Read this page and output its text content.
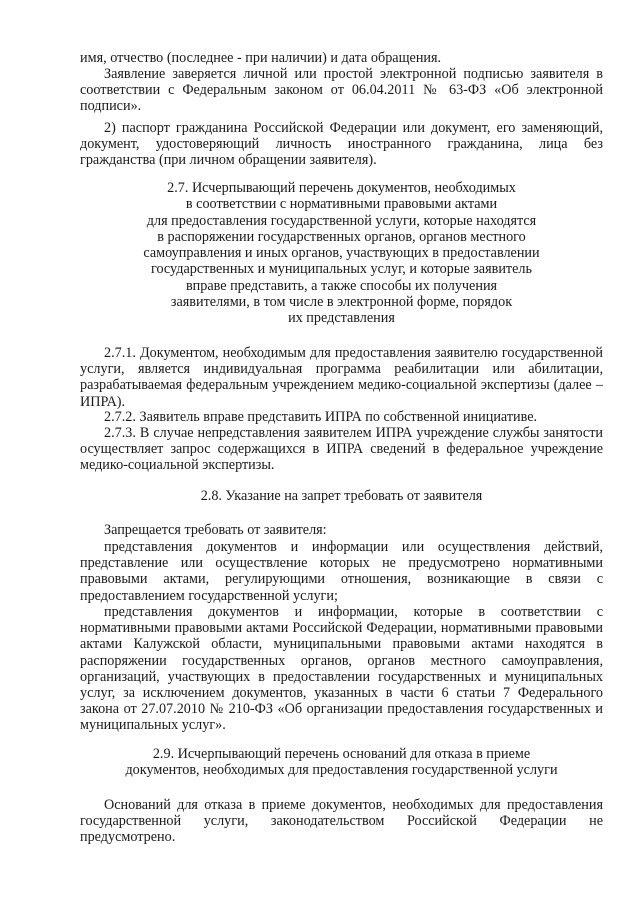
имя, отчество (последнее - при наличии) и дата обращения.

Заявление заверяется личной или простой электронной подписью заявителя в соответствии с Федеральным законом от 06.04.2011 № 63-ФЗ «Об электронной подписи».

2) паспорт гражданина Российской Федерации или документ, его заменяющий, документ, удостоверяющий личность иностранного гражданина, лица без гражданства (при личном обращении заявителя).

2.7. Исчерпывающий перечень документов, необходимых
в соответствии с нормативными правовыми актами
для предоставления государственной услуги, которые находятся
в распоряжении государственных органов, органов местного
самоуправления и иных органов, участвующих в предоставлении
государственных и муниципальных услуг, и которые заявитель
вправе представить, а также способы их получения
заявителями, в том числе в электронной форме, порядок
их представления

2.7.1. Документом, необходимым для предоставления заявителю государственной услуги, является индивидуальная программа реабилитации или абилитации, разрабатываемая федеральным учреждением медико-социальной экспертизы (далее – ИПРА).

2.7.2. Заявитель вправе представить ИПРА по собственной инициативе.

2.7.3. В случае непредставления заявителем ИПРА учреждение службы занятости осуществляет запрос содержащихся в ИПРА сведений в федеральное учреждение медико-социальной экспертизы.

2.8. Указание на запрет требовать от заявителя

Запрещается требовать от заявителя:

представления документов и информации или осуществления действий, представление или осуществление которых не предусмотрено нормативными правовыми актами, регулирующими отношения, возникающие в связи с предоставлением государственной услуги;

представления документов и информации, которые в соответствии с нормативными правовыми актами Российской Федерации, нормативными правовыми актами Калужской области, муниципальными правовыми актами находятся в распоряжении государственных органов, органов местного самоуправления, организаций, участвующих в предоставлении государственных и муниципальных услуг, за исключением документов, указанных в части 6 статьи 7 Федерального закона от 27.07.2010 № 210-ФЗ «Об организации предоставления государственных и муниципальных услуг».

2.9. Исчерпывающий перечень оснований для отказа в приеме
документов, необходимых для предоставления государственной услуги

Оснований для отказа в приеме документов, необходимых для предоставления государственной услуги, законодательством Российской Федерации не предусмотрено.
